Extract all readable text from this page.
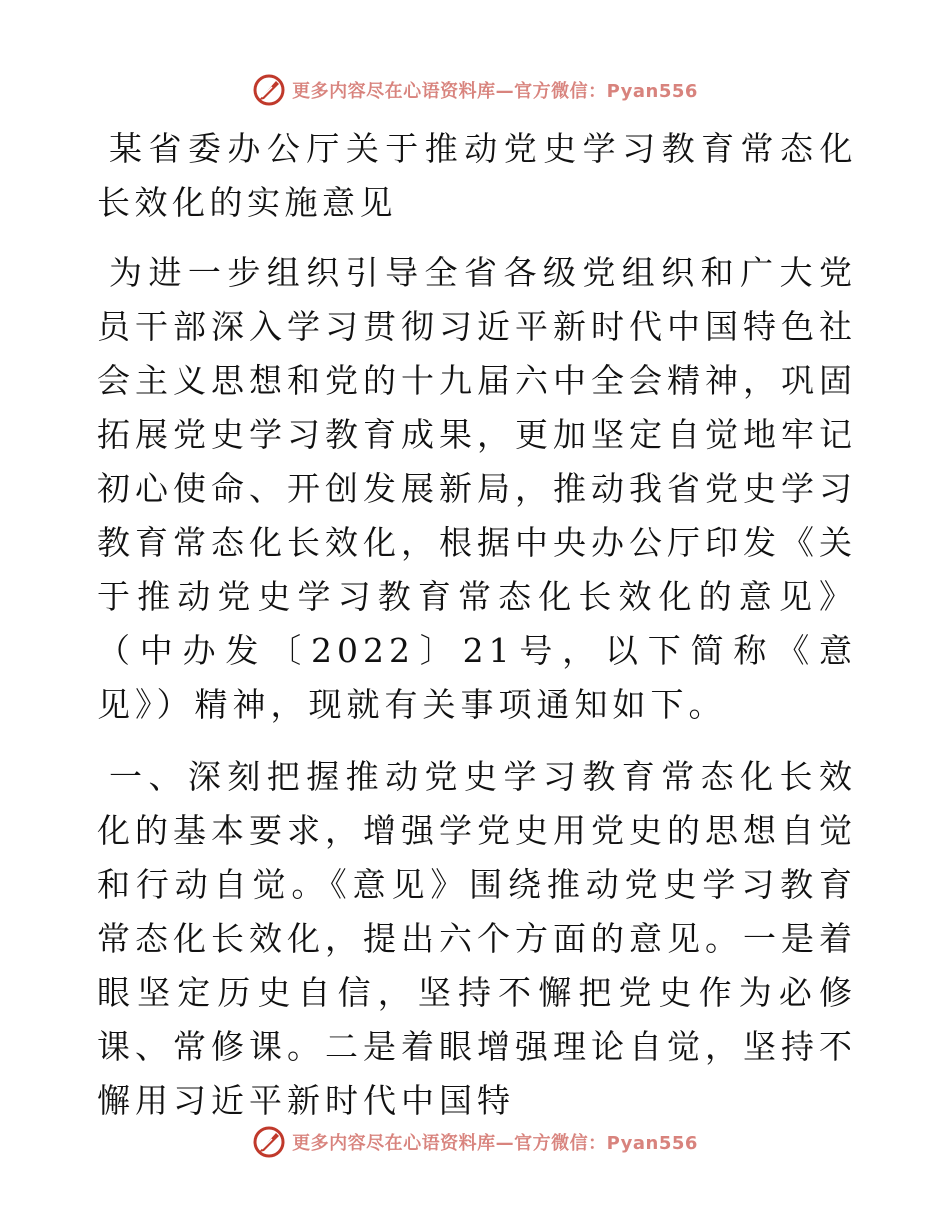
更多内容尽在心语资料库—官方微信：Pyan556

某省委办公厅关于推动党史学习教育常态化长效化的实施意见

为进一步组织引导全省各级党组织和广大党员干部深入学习贯彻习近平新时代中国特色社会主义思想和党的十九届六中全会精神，巩固拓展党史学习教育成果，更加坚定自觉地牢记初心使命、开创发展新局，推动我省党史学习教育常态化长效化，根据中央办公厅印发《关于推动党史学习教育常态化长效化的意见》（中办发〔2022〕21号，以下简称《意见》）精神，现就有关事项通知如下。

一、深刻把握推动党史学习教育常态化长效化的基本要求，增强学党史用党史的思想自觉和行动自觉。《意见》围绕推动党史学习教育常态化长效化，提出六个方面的意见。一是着眼坚定历史自信，坚持不懈把党史作为必修课、常修课。二是着眼增强理论自觉，坚持不懈用习近平新时代中国特

更多内容尽在心语资料库—官方微信：Pyan556
